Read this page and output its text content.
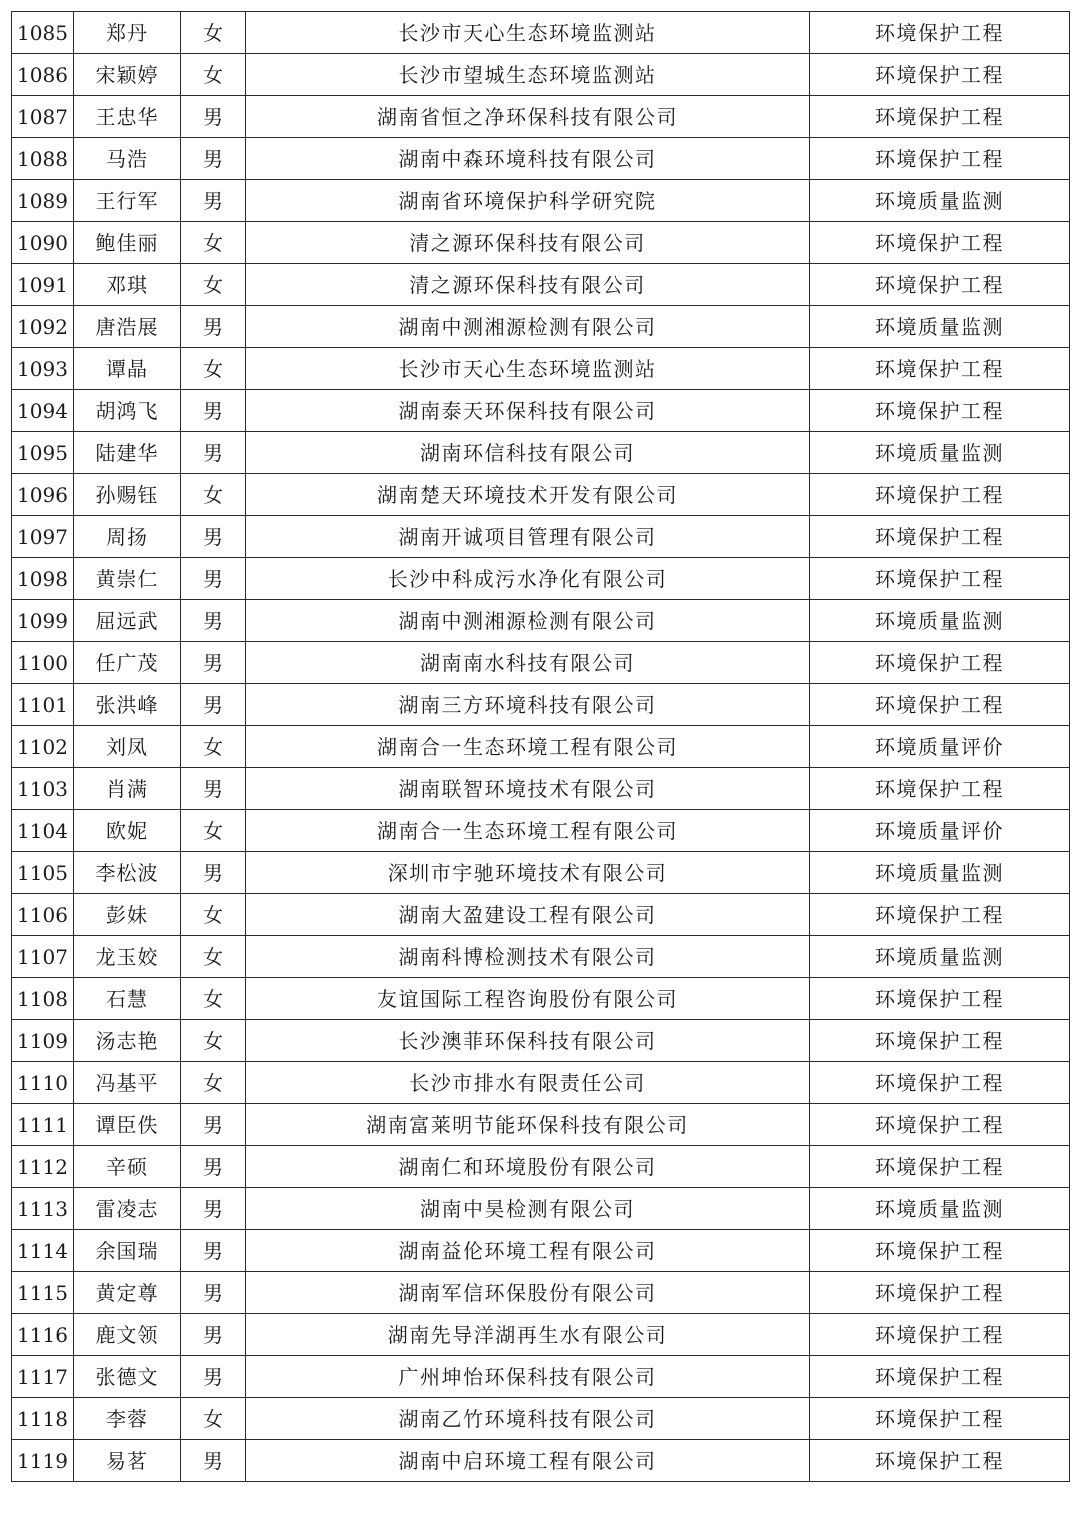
1085	郑丹	女	长沙市天心生态环境监测站	环境保护工程
1086	宋颖婷	女	长沙市望城生态环境监测站	环境保护工程
1087	王忠华	男	湖南省恒之净环保科技有限公司	环境保护工程
1088	马浩	男	湖南中森环境科技有限公司	环境保护工程
1089	王行军	男	湖南省环境保护科学研究院	环境质量监测
1090	鲍佳丽	女	清之源环保科技有限公司	环境保护工程
1091	邓琪	女	清之源环保科技有限公司	环境保护工程
1092	唐浩展	男	湖南中测湘源检测有限公司	环境质量监测
1093	谭晶	女	长沙市天心生态环境监测站	环境保护工程
1094	胡鸿飞	男	湖南泰天环保科技有限公司	环境保护工程
1095	陆建华	男	湖南环信科技有限公司	环境质量监测
1096	孙赐钰	女	湖南楚天环境技术开发有限公司	环境保护工程
1097	周扬	男	湖南开诚项目管理有限公司	环境保护工程
1098	黄崇仁	男	长沙中科成污水净化有限公司	环境保护工程
1099	屈远武	男	湖南中测湘源检测有限公司	环境质量监测
1100	任广茂	男	湖南南水科技有限公司	环境保护工程
1101	张洪峰	男	湖南三方环境科技有限公司	环境保护工程
1102	刘凤	女	湖南合一生态环境工程有限公司	环境质量评价
1103	肖满	男	湖南联智环境技术有限公司	环境保护工程
1104	欧妮	女	湖南合一生态环境工程有限公司	环境质量评价
1105	李松波	男	深圳市宇驰环境技术有限公司	环境质量监测
1106	彭妹	女	湖南大盈建设工程有限公司	环境保护工程
1107	龙玉姣	女	湖南科博检测技术有限公司	环境质量监测
1108	石慧	女	友谊国际工程咨询股份有限公司	环境保护工程
1109	汤志艳	女	长沙澳菲环保科技有限公司	环境保护工程
1110	冯基平	女	长沙市排水有限责任公司	环境保护工程
1111	谭臣佚	男	湖南富莱明节能环保科技有限公司	环境保护工程
1112	辛硕	男	湖南仁和环境股份有限公司	环境保护工程
1113	雷凌志	男	湖南中昊检测有限公司	环境质量监测
1114	余国瑞	男	湖南益伦环境工程有限公司	环境保护工程
1115	黄定尊	男	湖南军信环保股份有限公司	环境保护工程
1116	鹿文领	男	湖南先导洋湖再生水有限公司	环境保护工程
1117	张德文	男	广州坤怡环保科技有限公司	环境保护工程
1118	李蓉	女	湖南乙竹环境科技有限公司	环境保护工程
1119	易茗	男	湖南中启环境工程有限公司	环境保护工程
